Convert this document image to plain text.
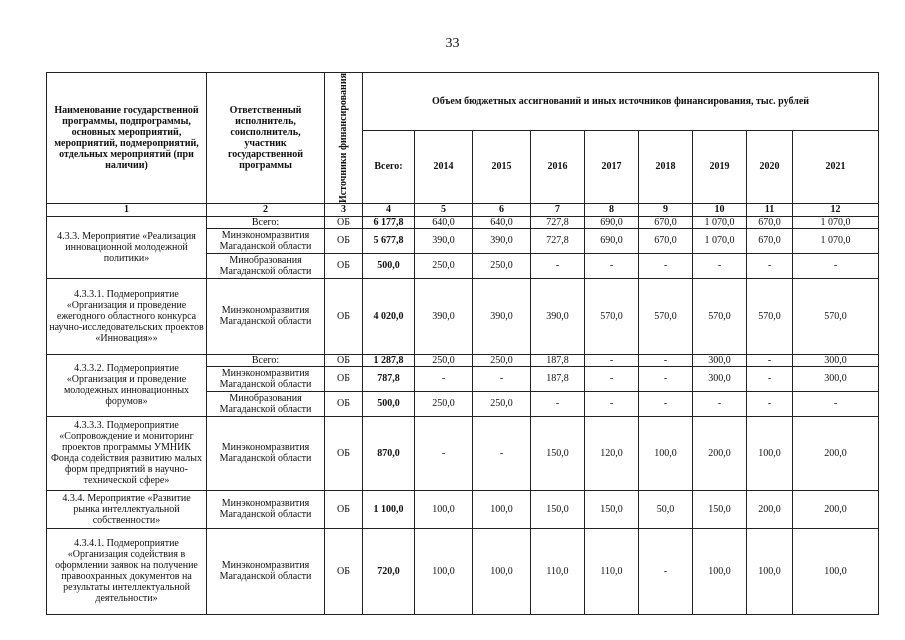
33
Наименование государственной программы, подпрограммы, основных мероприятий, мероприятий, подмероприятий, отдельных мероприятий (при наличии)	Ответственный исполнитель, соисполнитель, участник государственной программы	Источники финансирования	Объем бюджетных ассигнований и иных источников финансирования, тыс. рублей								
			Всего:	2014	2015	2016	2017	2018	2019	2020	2021
1	2	3	4	5	6	7	8	9	10	11	12
4.3.3. Мероприятие «Реализация инновационной молодежной политики»	Всего:	ОБ	6 177,8	640,0	640,0	727,8	690,0	670,0	1 070,0	670,0	1 070,0
	Минэкономразвития Магаданской области	ОБ	5 677,8	390,0	390,0	727,8	690,0	670,0	1 070,0	670,0	1 070,0
	Минобразования Магаданской области	ОБ	500,0	250,0	250,0	-	-	-	-	-	-
4.3.3.1. Подмероприятие «Организация и проведение ежегодного областного конкурса научно-исследовательских проектов «Инновация»»	Минэкономразвития Магаданской области	ОБ	4 020,0	390,0	390,0	390,0	570,0	570,0	570,0	570,0	570,0
4.3.3.2. Подмероприятие «Организация и проведение молодежных инновационных форумов»	Всего:	ОБ	1 287,8	250,0	250,0	187,8	-	-	300,0	-	300,0
	Минэкономразвития Магаданской области	ОБ	787,8	-	-	187,8	-	-	300,0	-	300,0
	Минобразования Магаданской области	ОБ	500,0	250,0	250,0	-	-	-	-	-	-
4.3.3.3. Подмероприятие «Сопровождение и мониторинг проектов программы УМНИК Фонда содействия развитию малых форм предприятий в научно-технической сфере»	Минэкономразвития Магаданской области	ОБ	870,0	-	-	150,0	120,0	100,0	200,0	100,0	200,0
4.3.4. Мероприятие «Развитие рынка интеллектуальной собственности»	Минэкономразвития Магаданской области	ОБ	1 100,0	100,0	100,0	150,0	150,0	50,0	150,0	200,0	200,0
4.3.4.1. Подмероприятие «Организация содействия в оформлении заявок на получение правоохранных документов на результаты интеллектуальной деятельности»	Минэкономразвития Магаданской области	ОБ	720,0	100,0	100,0	110,0	110,0	-	100,0	100,0	100,0
